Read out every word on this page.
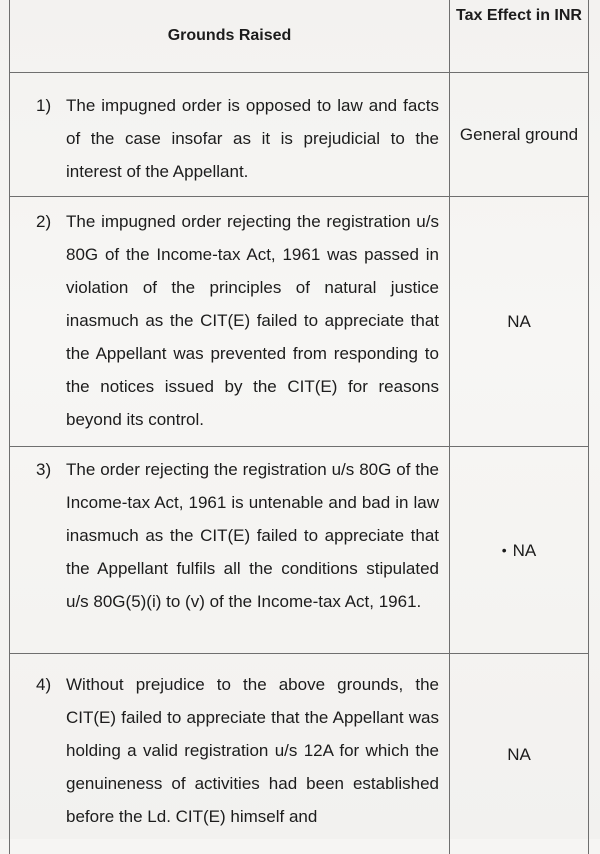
Grounds Raised
Tax Effect in INR
1) The impugned order is opposed to law and facts of the case insofar as it is prejudicial to the interest of the Appellant.
General ground
2) The impugned order rejecting the registration u/s 80G of the Income-tax Act, 1961 was passed in violation of the principles of natural justice inasmuch as the CIT(E) failed to appreciate that the Appellant was prevented from responding to the notices issued by the CIT(E) for reasons beyond its control.
NA
3) The order rejecting the registration u/s 80G of the Income-tax Act, 1961 is untenable and bad in law inasmuch as the CIT(E) failed to appreciate that the Appellant fulfils all the conditions stipulated u/s 80G(5)(i) to (v) of the Income-tax Act, 1961.
• NA
4) Without prejudice to the above grounds, the CIT(E) failed to appreciate that the Appellant was holding a valid registration u/s 12A for which the genuineness of activities had been established before the Ld. CIT(E) himself and
NA
